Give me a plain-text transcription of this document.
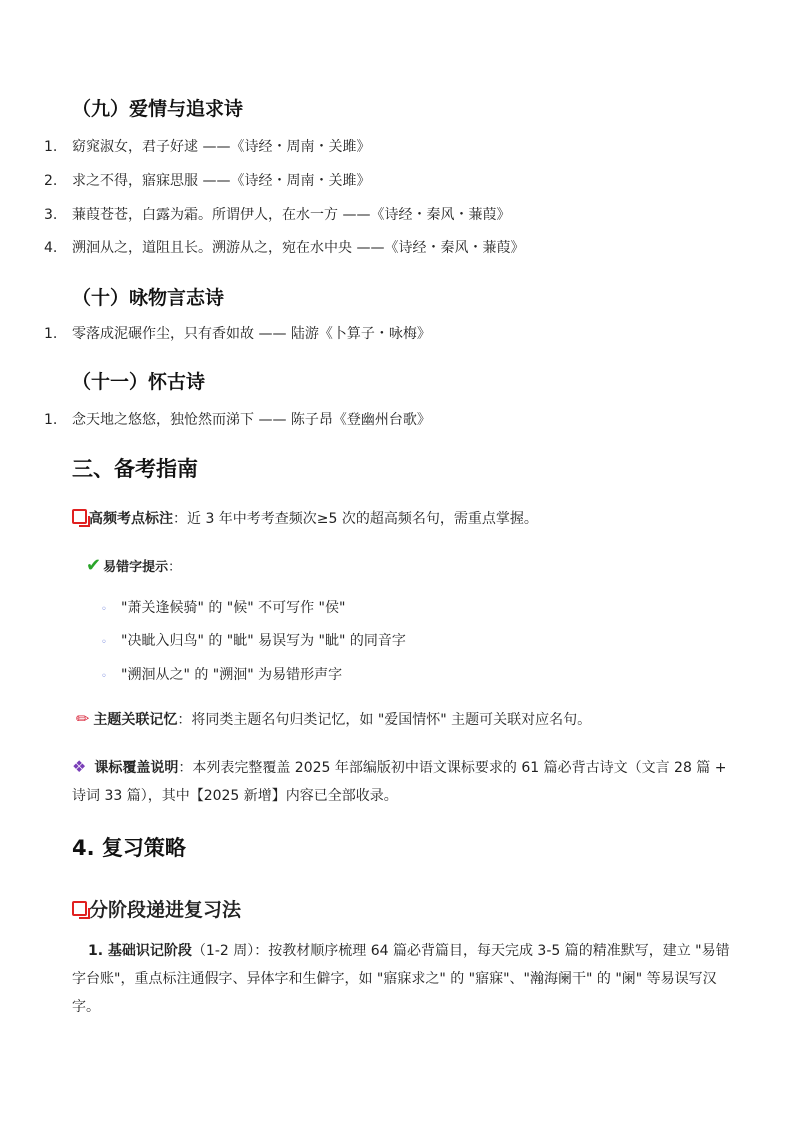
（九）爱情与追求诗
1. 窈窕淑女，君子好逑 ——《诗经・周南・关雎》
2. 求之不得，寤寐思服 ——《诗经・周南・关雎》
3. 蒹葭苍苍，白露为霜。所谓伊人，在水一方 ——《诗经・秦风・蒹葭》
4. 溯洄从之，道阻且长。溯游从之，宛在水中央 ——《诗经・秦风・蒹葭》
（十）咏物言志诗
1. 零落成泥碾作尘，只有香如故 —— 陆游《卜算子・咏梅》
（十一）怀古诗
1. 念天地之悠悠，独怆然而涕下 —— 陈子昂《登幽州台歌》
三、备考指南
高频考点标注：近 3 年中考考查频次≥5 次的超高频名句，需重点掌握。
✔ 易错字提示：
◦ "萧关逢候骑" 的 "候" 不可写作 "侯"
◦ "决眦入归鸟" 的 "眦" 易误写为 "眦" 的同音字
◦ "溯洄从之" 的 "溯洄" 为易错形声字
✏ 主题关联记忆：将同类主题名句归类记忆，如 "爱国情怀" 主题可关联对应名句。
❖ 课标覆盖说明：本列表完整覆盖 2025 年部编版初中语文课标要求的 61 篇必背古诗文（文言 28 篇 + 诗词 33 篇），其中【2025 新增】内容已全部收录。
4. 复习策略
分阶段递进复习法
1. 基础识记阶段（1-2 周）：按教材顺序梳理 64 篇必背篇目，每天完成 3-5 篇的精准默写，建立 "易错字台账"，重点标注通假字、异体字和生僻字，如 "寤寐求之" 的 "寤寐"、"瀚海阑干" 的 "阑" 等易误写汉字。
